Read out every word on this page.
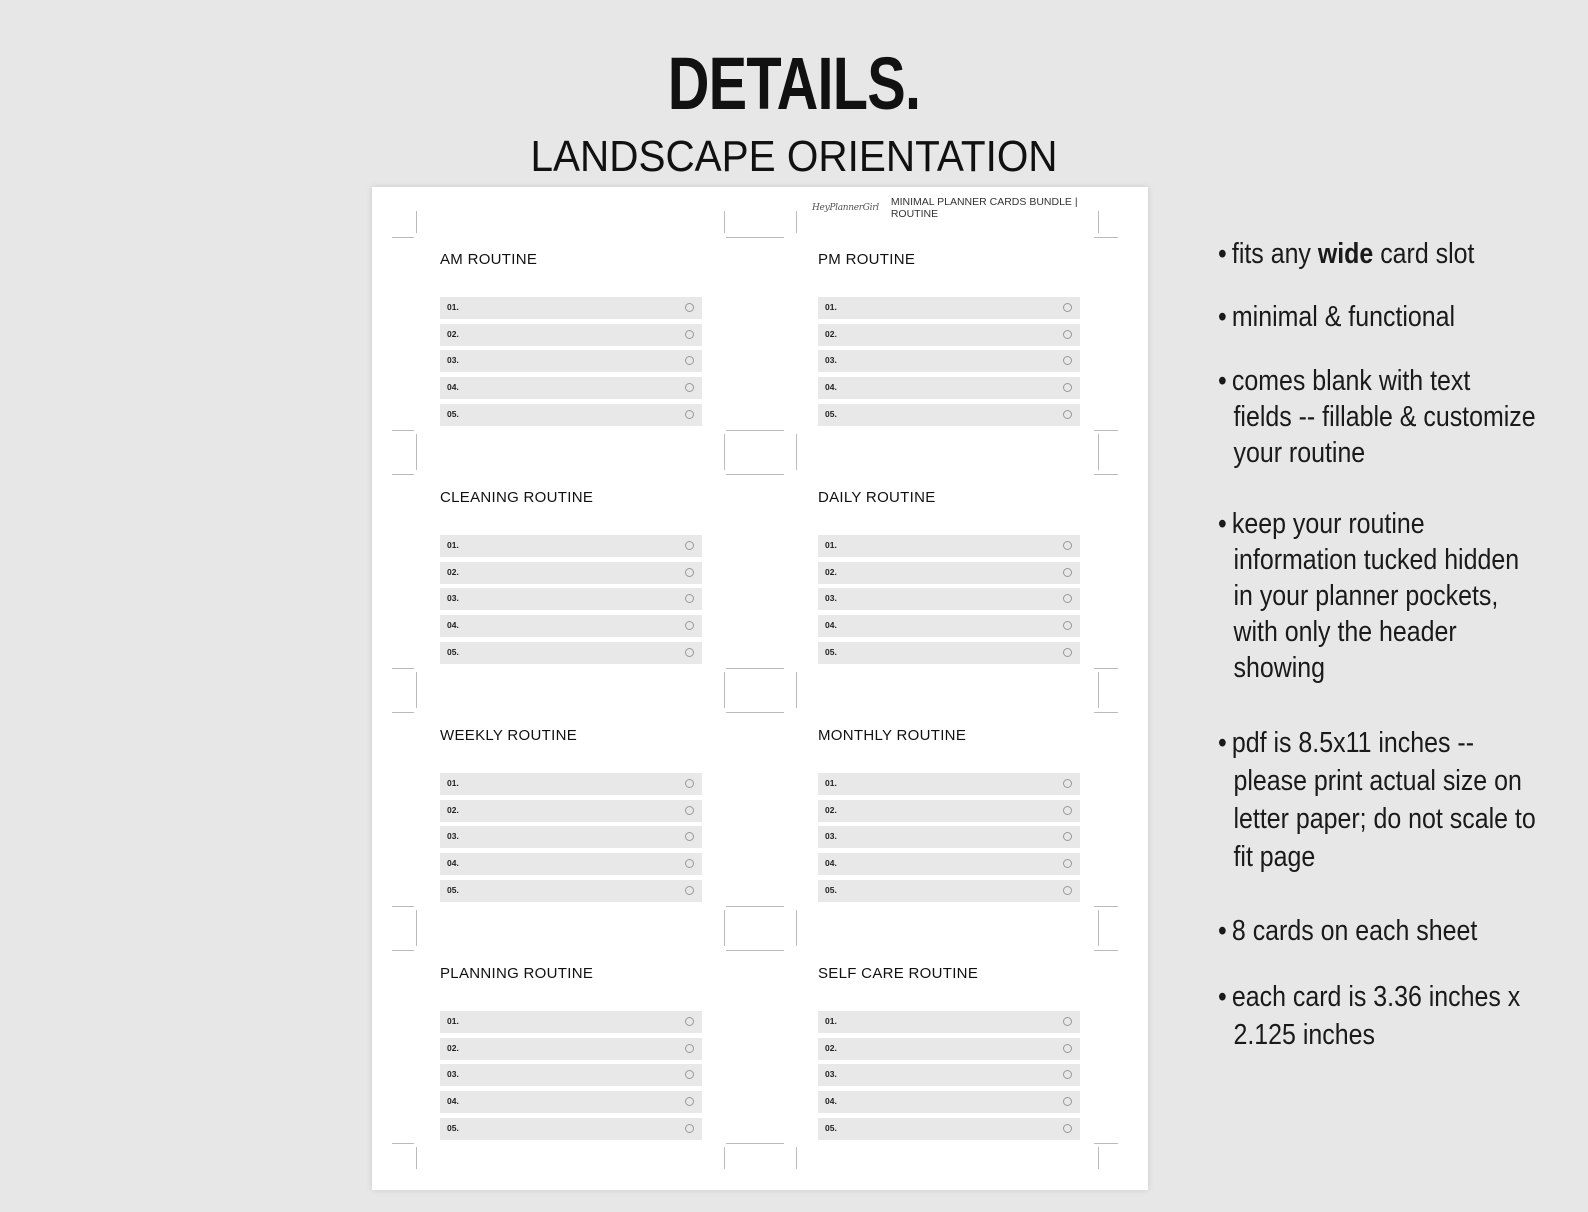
DETAILS.
LANDSCAPE ORIENTATION
HeyPlannerGirl MINIMAL PLANNER CARDS BUNDLE | ROUTINE
AM ROUTINE
01.
02.
03.
04.
05.
PM ROUTINE
01.
02.
03.
04.
05.
CLEANING ROUTINE
01.
02.
03.
04.
05.
DAILY ROUTINE
01.
02.
03.
04.
05.
WEEKLY ROUTINE
01.
02.
03.
04.
05.
MONTHLY ROUTINE
01.
02.
03.
04.
05.
PLANNING ROUTINE
01.
02.
03.
04.
05.
SELF CARE ROUTINE
01.
02.
03.
04.
05.
• fits any wide card slot
• minimal & functional
• comes blank with text
fields -- fillable & customize
your routine
• keep your routine
information tucked hidden
in your planner pockets,
with only the header
showing
• pdf is 8.5x11 inches --
please print actual size on
letter paper; do not scale to
fit page
• 8 cards on each sheet
• each card is 3.36 inches x
2.125 inches
